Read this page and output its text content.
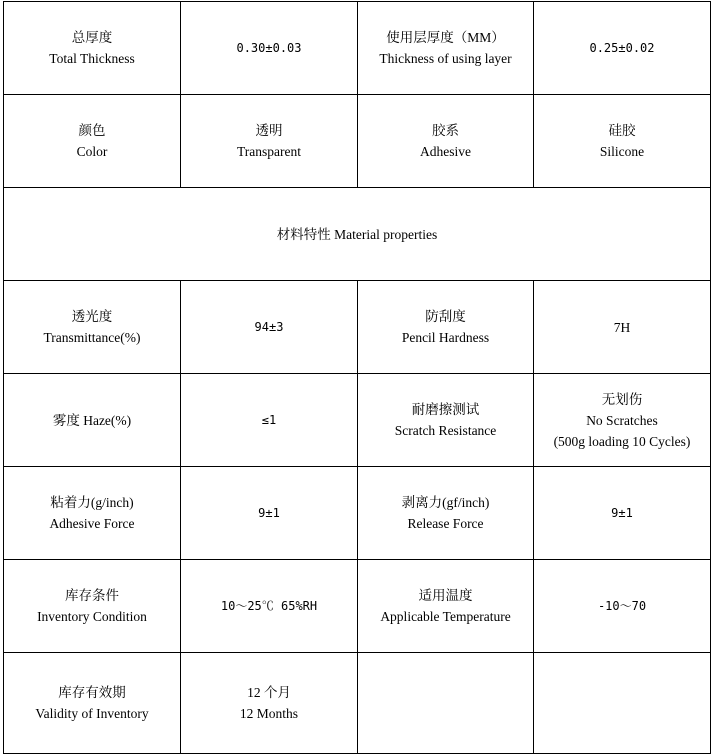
总厚度
Total Thickness	0.30±0.03	使用层厚度（MM）
Thickness of using layer	0.25±0.02

颜色
Color	透明
Transparent	胶系
Adhesive	硅胶
Silicone

材料特性 Material properties			

透光度
Transmittance(%)	94±3	防刮度
Pencil Hardness	7H

雾度 Haze(%)	≤1	耐磨擦测试
Scratch Resistance	无划伤
No Scratches
(500g loading 10 Cycles)

粘着力(g/inch)
Adhesive Force	9±1	剥离力(gf/inch)
Release Force	9±1

库存条件
Inventory Condition	10～25℃ 65%RH	适用温度
Applicable Temperature	-10～70

库存有效期
Validity of Inventory	12 个月
12 Months		
